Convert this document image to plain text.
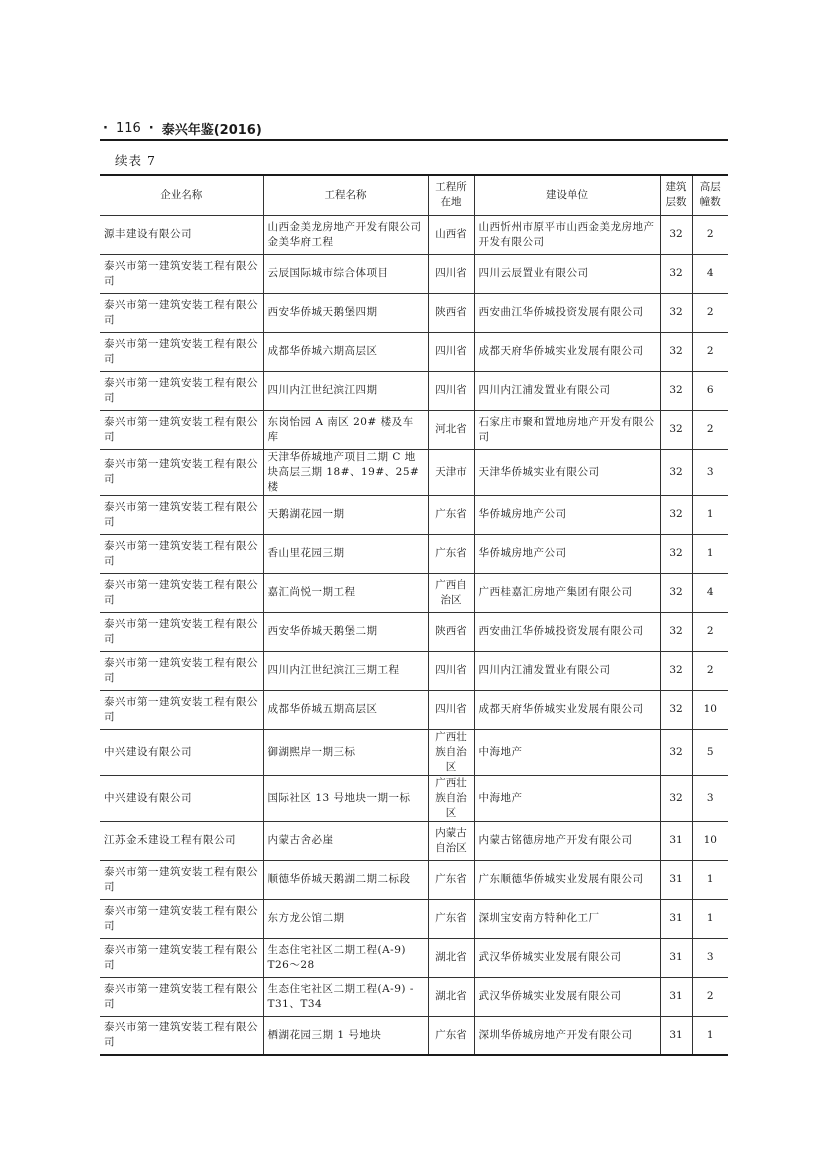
· 116 · 泰兴年鉴(2016)
续表 7
企业名称	工程名称	工程所在地	建设单位	建筑层数	高层幢数
源丰建设有限公司	山西金美龙房地产开发有限公司金美华府工程	山西省	山西忻州市原平市山西金美龙房地产开发有限公司	32	2
泰兴市第一建筑安装工程有限公司	云辰国际城市综合体项目	四川省	四川云辰置业有限公司	32	4
泰兴市第一建筑安装工程有限公司	西安华侨城天鹅堡四期	陕西省	西安曲江华侨城投资发展有限公司	32	2
泰兴市第一建筑安装工程有限公司	成都华侨城六期高层区	四川省	成都天府华侨城实业发展有限公司	32	2
泰兴市第一建筑安装工程有限公司	四川内江世纪滨江四期	四川省	四川内江浦发置业有限公司	32	6
泰兴市第一建筑安装工程有限公司	东岗怡园 A 南区 20# 楼及车库	河北省	石家庄市聚和置地房地产开发有限公司	32	2
泰兴市第一建筑安装工程有限公司	天津华侨城地产项目二期 C 地块高层三期 18#、19#、25# 楼	天津市	天津华侨城实业有限公司	32	3
泰兴市第一建筑安装工程有限公司	天鹅湖花园一期	广东省	华侨城房地产公司	32	1
泰兴市第一建筑安装工程有限公司	香山里花园三期	广东省	华侨城房地产公司	32	1
泰兴市第一建筑安装工程有限公司	嘉汇尚悦一期工程	广西自治区	广西桂嘉汇房地产集团有限公司	32	4
泰兴市第一建筑安装工程有限公司	西安华侨城天鹅堡二期	陕西省	西安曲江华侨城投资发展有限公司	32	2
泰兴市第一建筑安装工程有限公司	四川内江世纪滨江三期工程	四川省	四川内江浦发置业有限公司	32	2
泰兴市第一建筑安装工程有限公司	成都华侨城五期高层区	四川省	成都天府华侨城实业发展有限公司	32	10
中兴建设有限公司	御湖熙岸一期三标	广西壮族自治区	中海地产	32	5
中兴建设有限公司	国际社区 13 号地块一期一标	广西壮族自治区	中海地产	32	3
江苏金禾建设工程有限公司	内蒙古舍必崖	内蒙古自治区	内蒙古铭德房地产开发有限公司	31	10
泰兴市第一建筑安装工程有限公司	顺德华侨城天鹅湖二期二标段	广东省	广东顺德华侨城实业发展有限公司	31	1
泰兴市第一建筑安装工程有限公司	东方龙公馆二期	广东省	深圳宝安南方特种化工厂	31	1
泰兴市第一建筑安装工程有限公司	生态住宅社区二期工程(A-9) T26～28	湖北省	武汉华侨城实业发展有限公司	31	3
泰兴市第一建筑安装工程有限公司	生态住宅社区二期工程(A-9) -T31、T34	湖北省	武汉华侨城实业发展有限公司	31	2
泰兴市第一建筑安装工程有限公司	栖湖花园三期 1 号地块	广东省	深圳华侨城房地产开发有限公司	31	1
